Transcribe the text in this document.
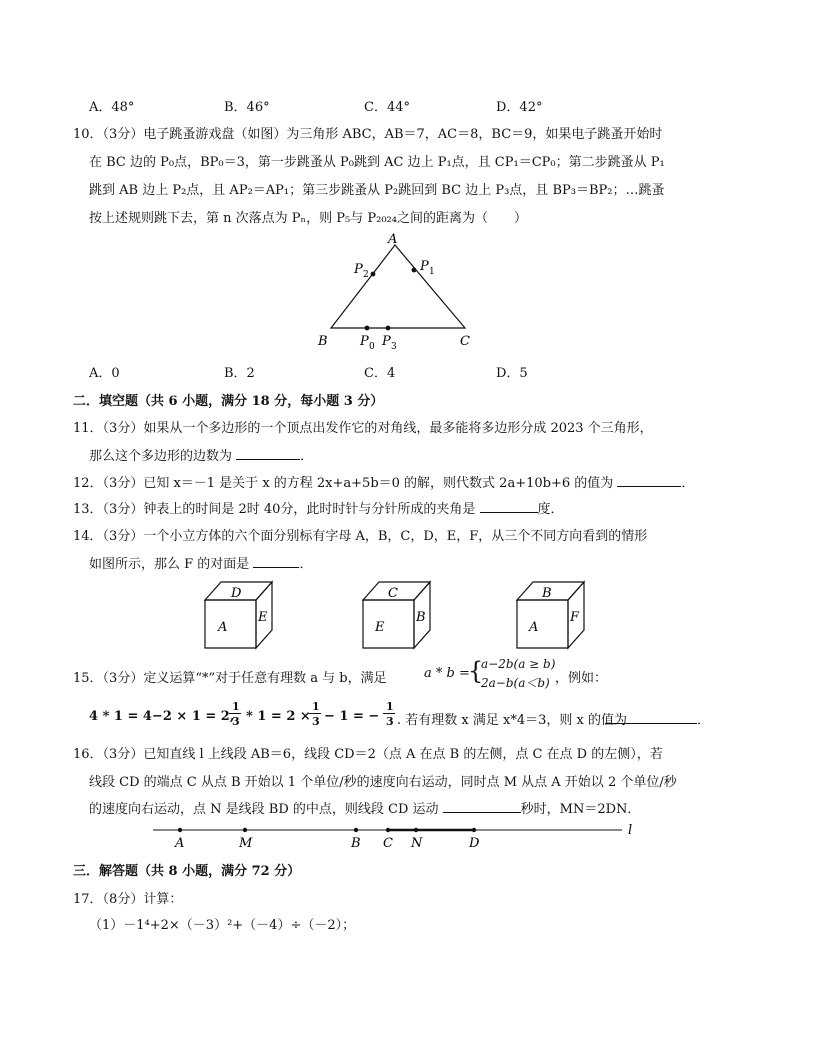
A．48°	B．46°	C．44°	D．42°
10．（3分）电子跳蚤游戏盘（如图）为三角形 ABC，AB＝7，AC＝8，BC＝9，如果电子跳蚤开始时
在 BC 边的 P₀点，BP₀＝3，第一步跳蚤从 P₀跳到 AC 边上 P₁点，且 CP₁＝CP₀；第二步跳蚤从 P₁
跳到 AB 边上 P₂点，且 AP₂＝AP₁；第三步跳蚤从 P₂跳回到 BC 边上 P₃点，且 BP₃＝BP₂；…跳蚤
按上述规则跳下去，第 n 次落点为 Pₙ，则 P₅与 P₂₀₂₄之间的距离为（　　）
A
B	C
P 2
P 1
P 0 P 3
A．0	B．2	C．4	D．5
二．填空题（共 6 小题，满分 18 分，每小题 3 分）
11．（3分）如果从一个多边形的一个顶点出发作它的对角线，最多能将多边形分成 2023 个三角形，
那么这个多边形的边数为	．
12．（3分）已知 x＝－1 是关于 x 的方程 2x+a+5b＝0 的解，则代数式 2a+10b+6 的值为	．
13．（3分）钟表上的时间是 2时 40分，此时时针与分针所成的夹角是	度．
14．（3分）一个小立方体的六个面分别标有字母 A，B，C，D，E，F，从三个不同方向看到的情形
如图所示，那么 F 的对面是	．
D
A
E
C
E
B
B
A
F
15．（3分）定义运算“*”对于任意有理数 a 与 b，满足	a * b =
{
a−2b(a ≥ b)
2a−b(a＜b) ，例如：
4 * 1 = 4−2 × 1 = 2,
1
3 * 1 = 2 ×
1
3 − 1 = −
1
3 . 若有理数 x 满足 x*4＝3，则 x 的值为	．
16．（3分）已知直线 l 上线段 AB＝6，线段 CD＝2（点 A 在点 B 的左侧，点 C 在点 D 的左侧），若
线段 CD 的端点 C 从点 B 开始以 1 个单位/秒的速度向右运动，同时点 M 从点 A 开始以 2 个单位/秒
的速度向右运动，点 N 是线段 BD 的中点，则线段 CD 运动	秒时，MN＝2DN．
A	M	B C N	D
l
三．解答题（共 8 小题，满分 72 分）
17．（8分）计算：
（1）－1⁴+2×（－3）²+（－4）÷（－2）；
